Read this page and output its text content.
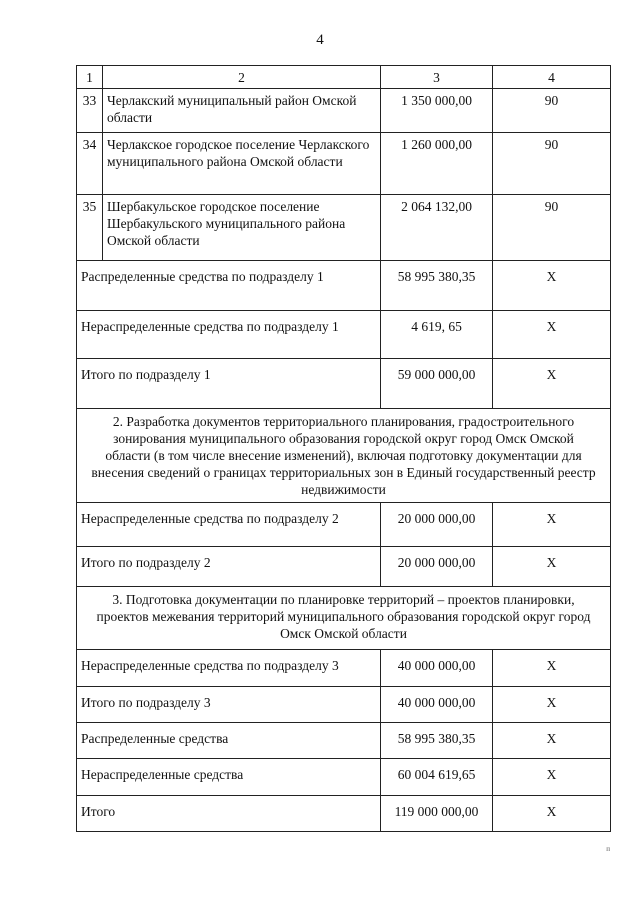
4
1	2	3	4
33	Черлакский муниципальный район Омской области	1 350 000,00	90
34	Черлакское городское поселение Черлакского муниципального района Омской области	1 260 000,00	90
35	Шербакульское городское поселение Шербакульского муниципального района Омской области	2 064 132,00	90
Распределенные средства по подразделу 1		58 995 380,35	Х
Нераспределенные средства по подразделу 1		4 619, 65	Х
Итого по подразделу 1		59 000 000,00	Х
2. Разработка документов территориального планирования, градостроительного зонирования муниципального образования городской округ город Омск Омской области (в том числе внесение изменений), включая подготовку документации для внесения сведений о границах территориальных зон в Единый государственный реестр недвижимости			
Нераспределенные средства по подразделу 2		20 000 000,00	Х
Итого по подразделу 2		20 000 000,00	Х
3. Подготовка документации по планировке территорий – проектов планировки, проектов межевания территорий муниципального образования городской округ город Омск Омской области			
Нераспределенные средства по подразделу 3		40 000 000,00	Х
Итого по подразделу 3		40 000 000,00	Х
Распределенные средства		58 995 380,35	Х
Нераспределенные средства		60 004 619,65	Х
Итого		119 000 000,00	Х
п
